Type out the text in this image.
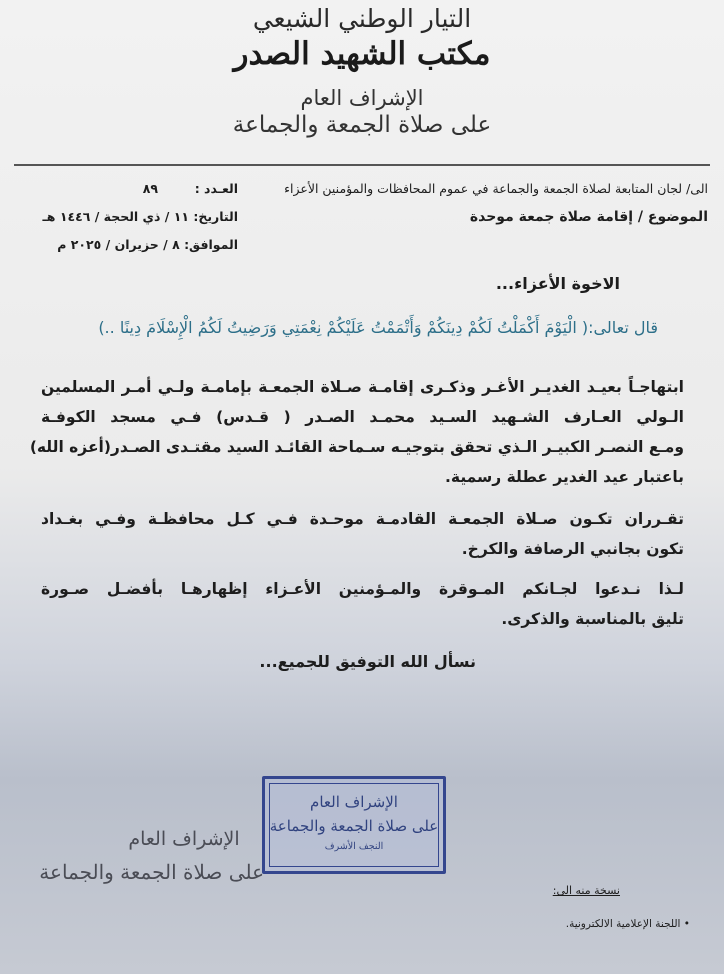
التيار الوطني الشيعي
مكتب الشهيد الصدر
الإشراف العام
على صلاة الجمعة والجماعة
الى/ لجان المتابعة لصلاة الجمعة والجماعة في عموم المحافظات والمؤمنين الأعزاء
الموضوع / إقامة صلاة جمعة موحدة
العـدد :  ٨٩
التاريخ: ١١ / ذي الحجة / ١٤٤٦ هـ
الموافق: ٨ / حزيران / ٢٠٢٥ م
الاخوة الأعزاء...
قال تعالى:( الْيَوْمَ أَكْمَلْتُ لَكُمْ دِينَكُمْ وَأَتْمَمْتُ عَلَيْكُمْ نِعْمَتِي وَرَضِيتُ لَكُمُ الْإِسْلَامَ دِينًا ..)
ابتهاجـاً بعيـد الغديـر الأغـر وذكـرى إقامـة صـلاة الجمعـة بإمامـة ولـي أمـر المسلمين
الـولي العـارف الشـهيد السـيد محمـد الصـدر ( قـدس) فـي مسجد الكوفـة
ومـع النصـر الكبيـر الـذي تحقق بتوجيـه سـماحة القائـد السيد مقتـدى الصـدر(أعزه الله)
باعتبار عيد الغدير عطلة رسمية.
تقـرران تكـون صـلاة الجمعـة القادمـة موحـدة فـي كـل محافظـة وفـي بغـداد
تكون بجانبي الرصافة والكرخ.
لـذا نـدعوا لجـانكم المـوقرة والمـؤمنين الأعـزاء إظهارهـا بأفضـل صـورة
تليق بالمناسبة والذكرى.
نسأل الله التوفيق للجميع...
الإشراف العام
على صلاة الجمعة والجماعة
النجف الأشرف
الإشراف العام
على صلاة الجمعة والجماعة
نسخة منه الى:
• اللجنة الإعلامية الالكترونية.
